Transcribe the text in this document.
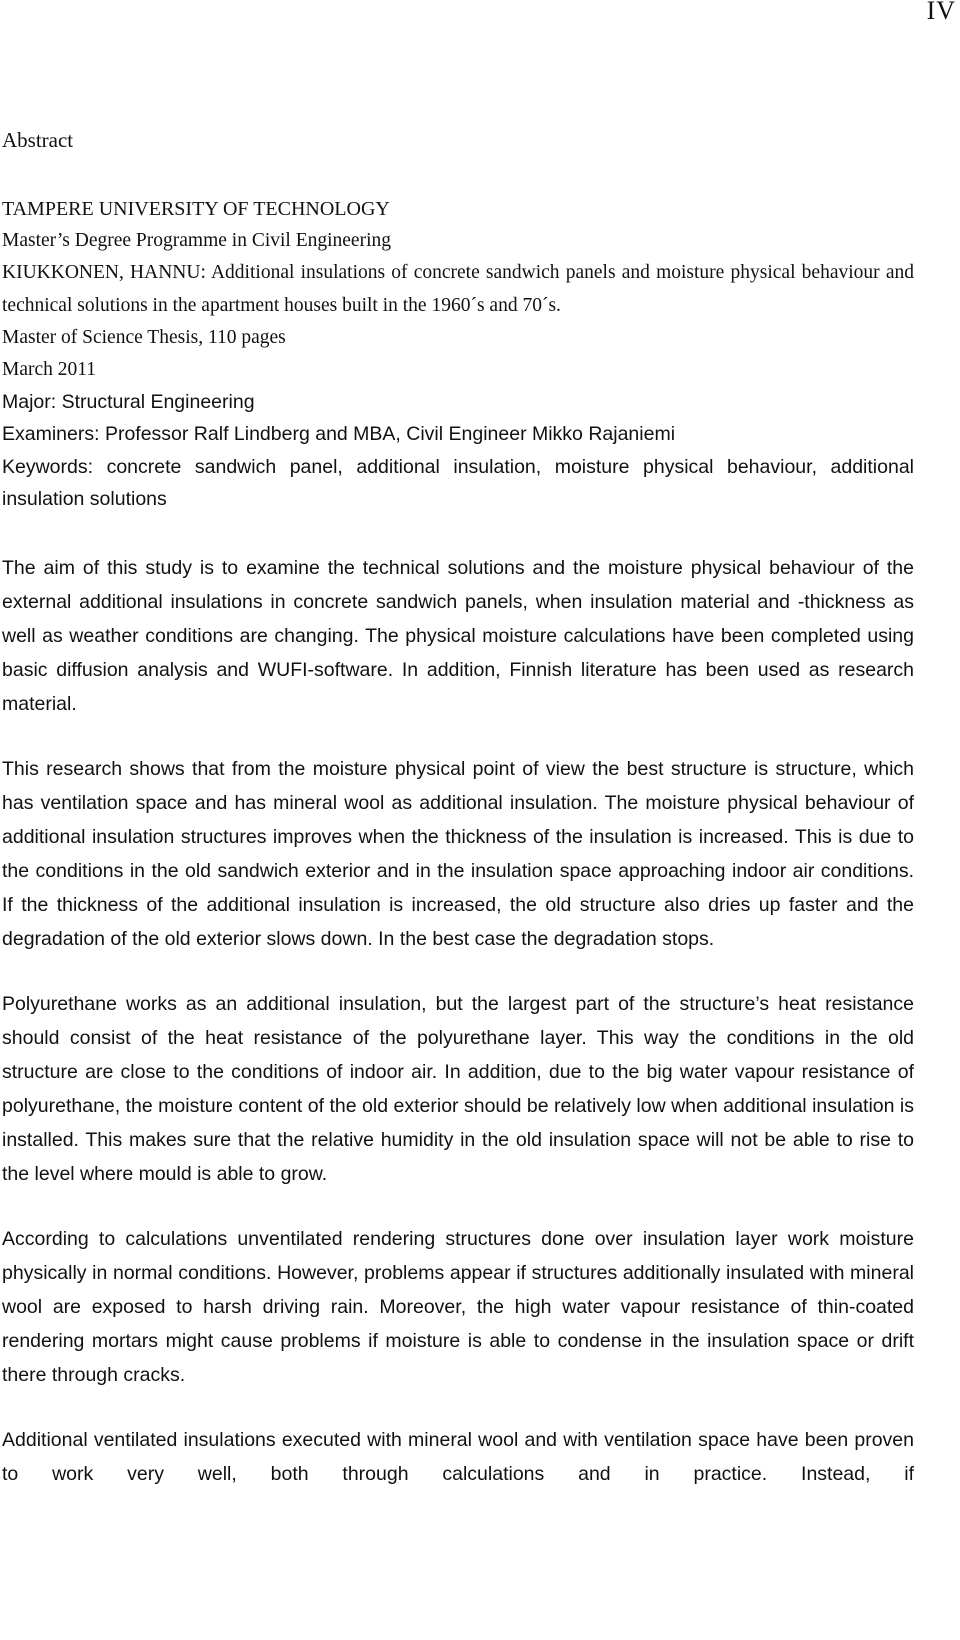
IV
Abstract

TAMPERE UNIVERSITY OF TECHNOLOGY

Master’s Degree Programme in Civil Engineering

KIUKKONEN, HANNU: Additional insulations of concrete sandwich panels and moisture physical behaviour and technical solutions in the apartment houses built in the 1960´s and 70´s.

Master of Science Thesis, 110 pages

March 2011

Major: Structural Engineering

Examiners: Professor Ralf Lindberg and MBA, Civil Engineer Mikko Rajaniemi

Keywords: concrete sandwich panel, additional insulation, moisture physical behaviour, additional insulation solutions

The aim of this study is to examine the technical solutions and the moisture physical behaviour of the external additional insulations in concrete sandwich panels, when insulation material and -thickness as well as weather conditions are changing. The physical moisture calculations have been completed using basic diffusion analysis and WUFI-software. In addition, Finnish literature has been used as research material.

This research shows that from the moisture physical point of view the best structure is structure, which has ventilation space and has mineral wool as additional insulation. The moisture physical behaviour of additional insulation structures improves when the thickness of the insulation is increased. This is due to the conditions in the old sandwich exterior and in the insulation space approaching indoor air conditions. If the thickness of the additional insulation is increased, the old structure also dries up faster and the degradation of the old exterior slows down. In the best case the degradation stops.

Polyurethane works as an additional insulation, but the largest part of the structure’s heat resistance should consist of the heat resistance of the polyurethane layer. This way the conditions in the old structure are close to the conditions of indoor air. In addition, due to the big water vapour resistance of polyurethane, the moisture content of the old exterior should be relatively low when additional insulation is installed. This makes sure that the relative humidity in the old insulation space will not be able to rise to the level where mould is able to grow.

According to calculations unventilated rendering structures done over insulation layer work moisture physically in normal conditions. However, problems appear if structures additionally insulated with mineral wool are exposed to harsh driving rain. Moreover, the high water vapour resistance of thin-coated rendering mortars might cause problems if moisture is able to condense in the insulation space or drift there through cracks.

Additional ventilated insulations executed with mineral wool and with ventilation space have been proven to work very well, both through calculations and in practice. Instead, if
